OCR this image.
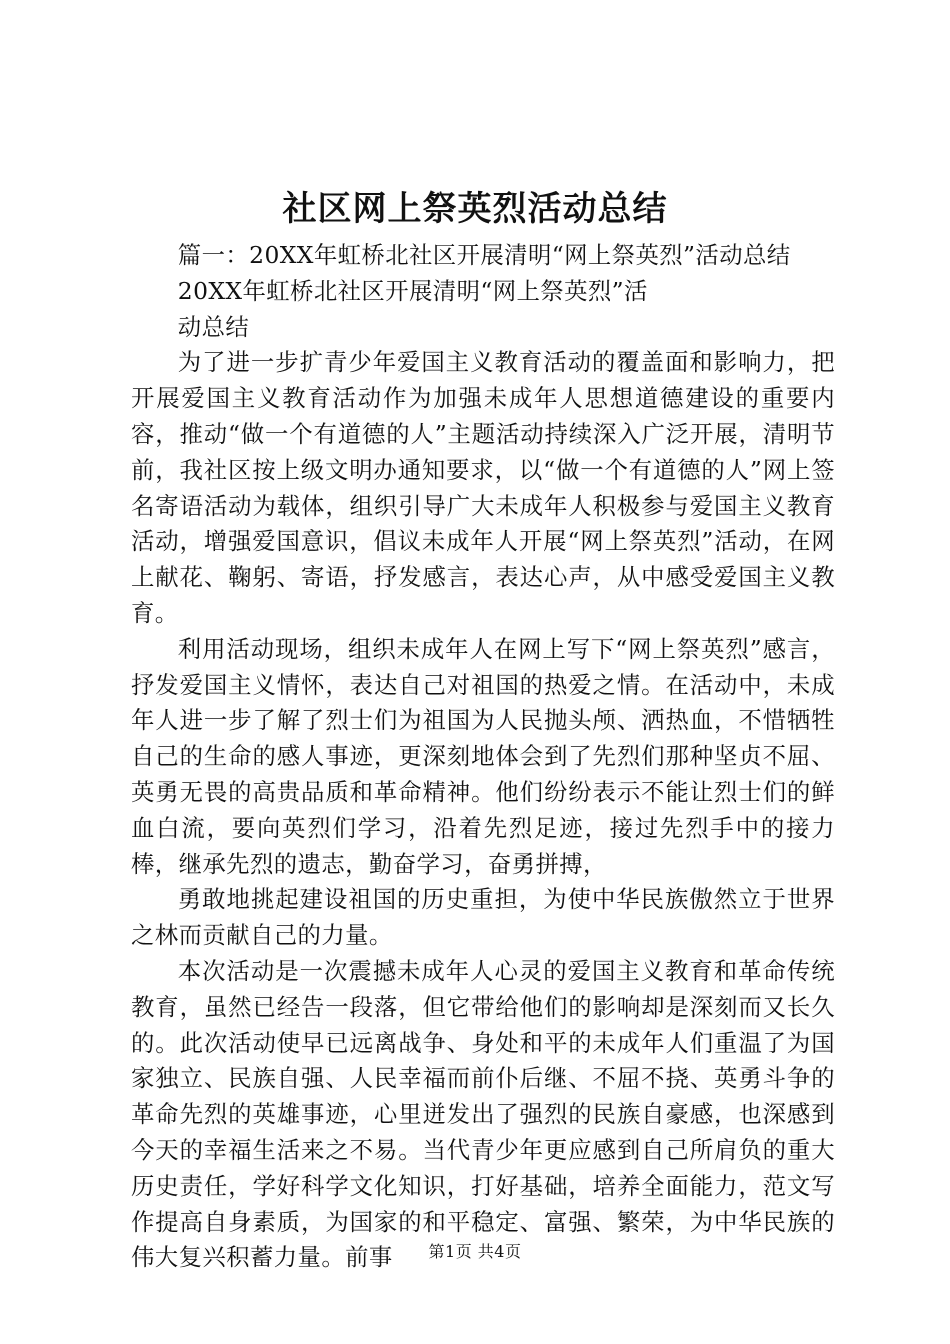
社区网上祭英烈活动总结

篇一：20XX年虹桥北社区开展清明“网上祭英烈”活动总结

20XX年虹桥北社区开展清明“网上祭英烈”活

动总结

为了进一步扩青少年爱国主义教育活动的覆盖面和影响力，把开展爱国主义教育活动作为加强未成年人思想道德建设的重要内容，推动“做一个有道德的人”主题活动持续深入广泛开展，清明节前，我社区按上级文明办通知要求，以“做一个有道德的人”网上签名寄语活动为载体，组织引导广大未成年人积极参与爱国主义教育活动，增强爱国意识，倡议未成年人开展“网上祭英烈”活动，在网上献花、鞠躬、寄语，抒发感言，表达心声，从中感受爱国主义教育。

利用活动现场，组织未成年人在网上写下“网上祭英烈”感言，抒发爱国主义情怀，表达自己对祖国的热爱之情。在活动中，未成年人进一步了解了烈士们为祖国为人民抛头颅、洒热血，不惜牺牲自己的生命的感人事迹，更深刻地体会到了先烈们那种坚贞不屈、英勇无畏的高贵品质和革命精神。他们纷纷表示不能让烈士们的鲜血白流，要向英烈们学习，沿着先烈足迹，接过先烈手中的接力棒，继承先烈的遗志，勤奋学习，奋勇拼搏，

勇敢地挑起建设祖国的历史重担，为使中华民族傲然立于世界之林而贡献自己的力量。

本次活动是一次震撼未成年人心灵的爱国主义教育和革命传统教育，虽然已经告一段落，但它带给他们的影响却是深刻而又长久的。此次活动使早已远离战争、身处和平的未成年人们重温了为国家独立、民族自强、人民幸福而前仆后继、不屈不挠、英勇斗争的革命先烈的英雄事迹，心里迸发出了强烈的民族自豪感，也深感到今天的幸福生活来之不易。当代青少年更应感到自己所肩负的重大历史责任，学好科学文化知识，打好基础，培养全面能力，范文写作提高自身素质，为国家的和平稳定、富强、繁荣，为中华民族的伟大复兴积蓄力量。前事	第1页 共4页
